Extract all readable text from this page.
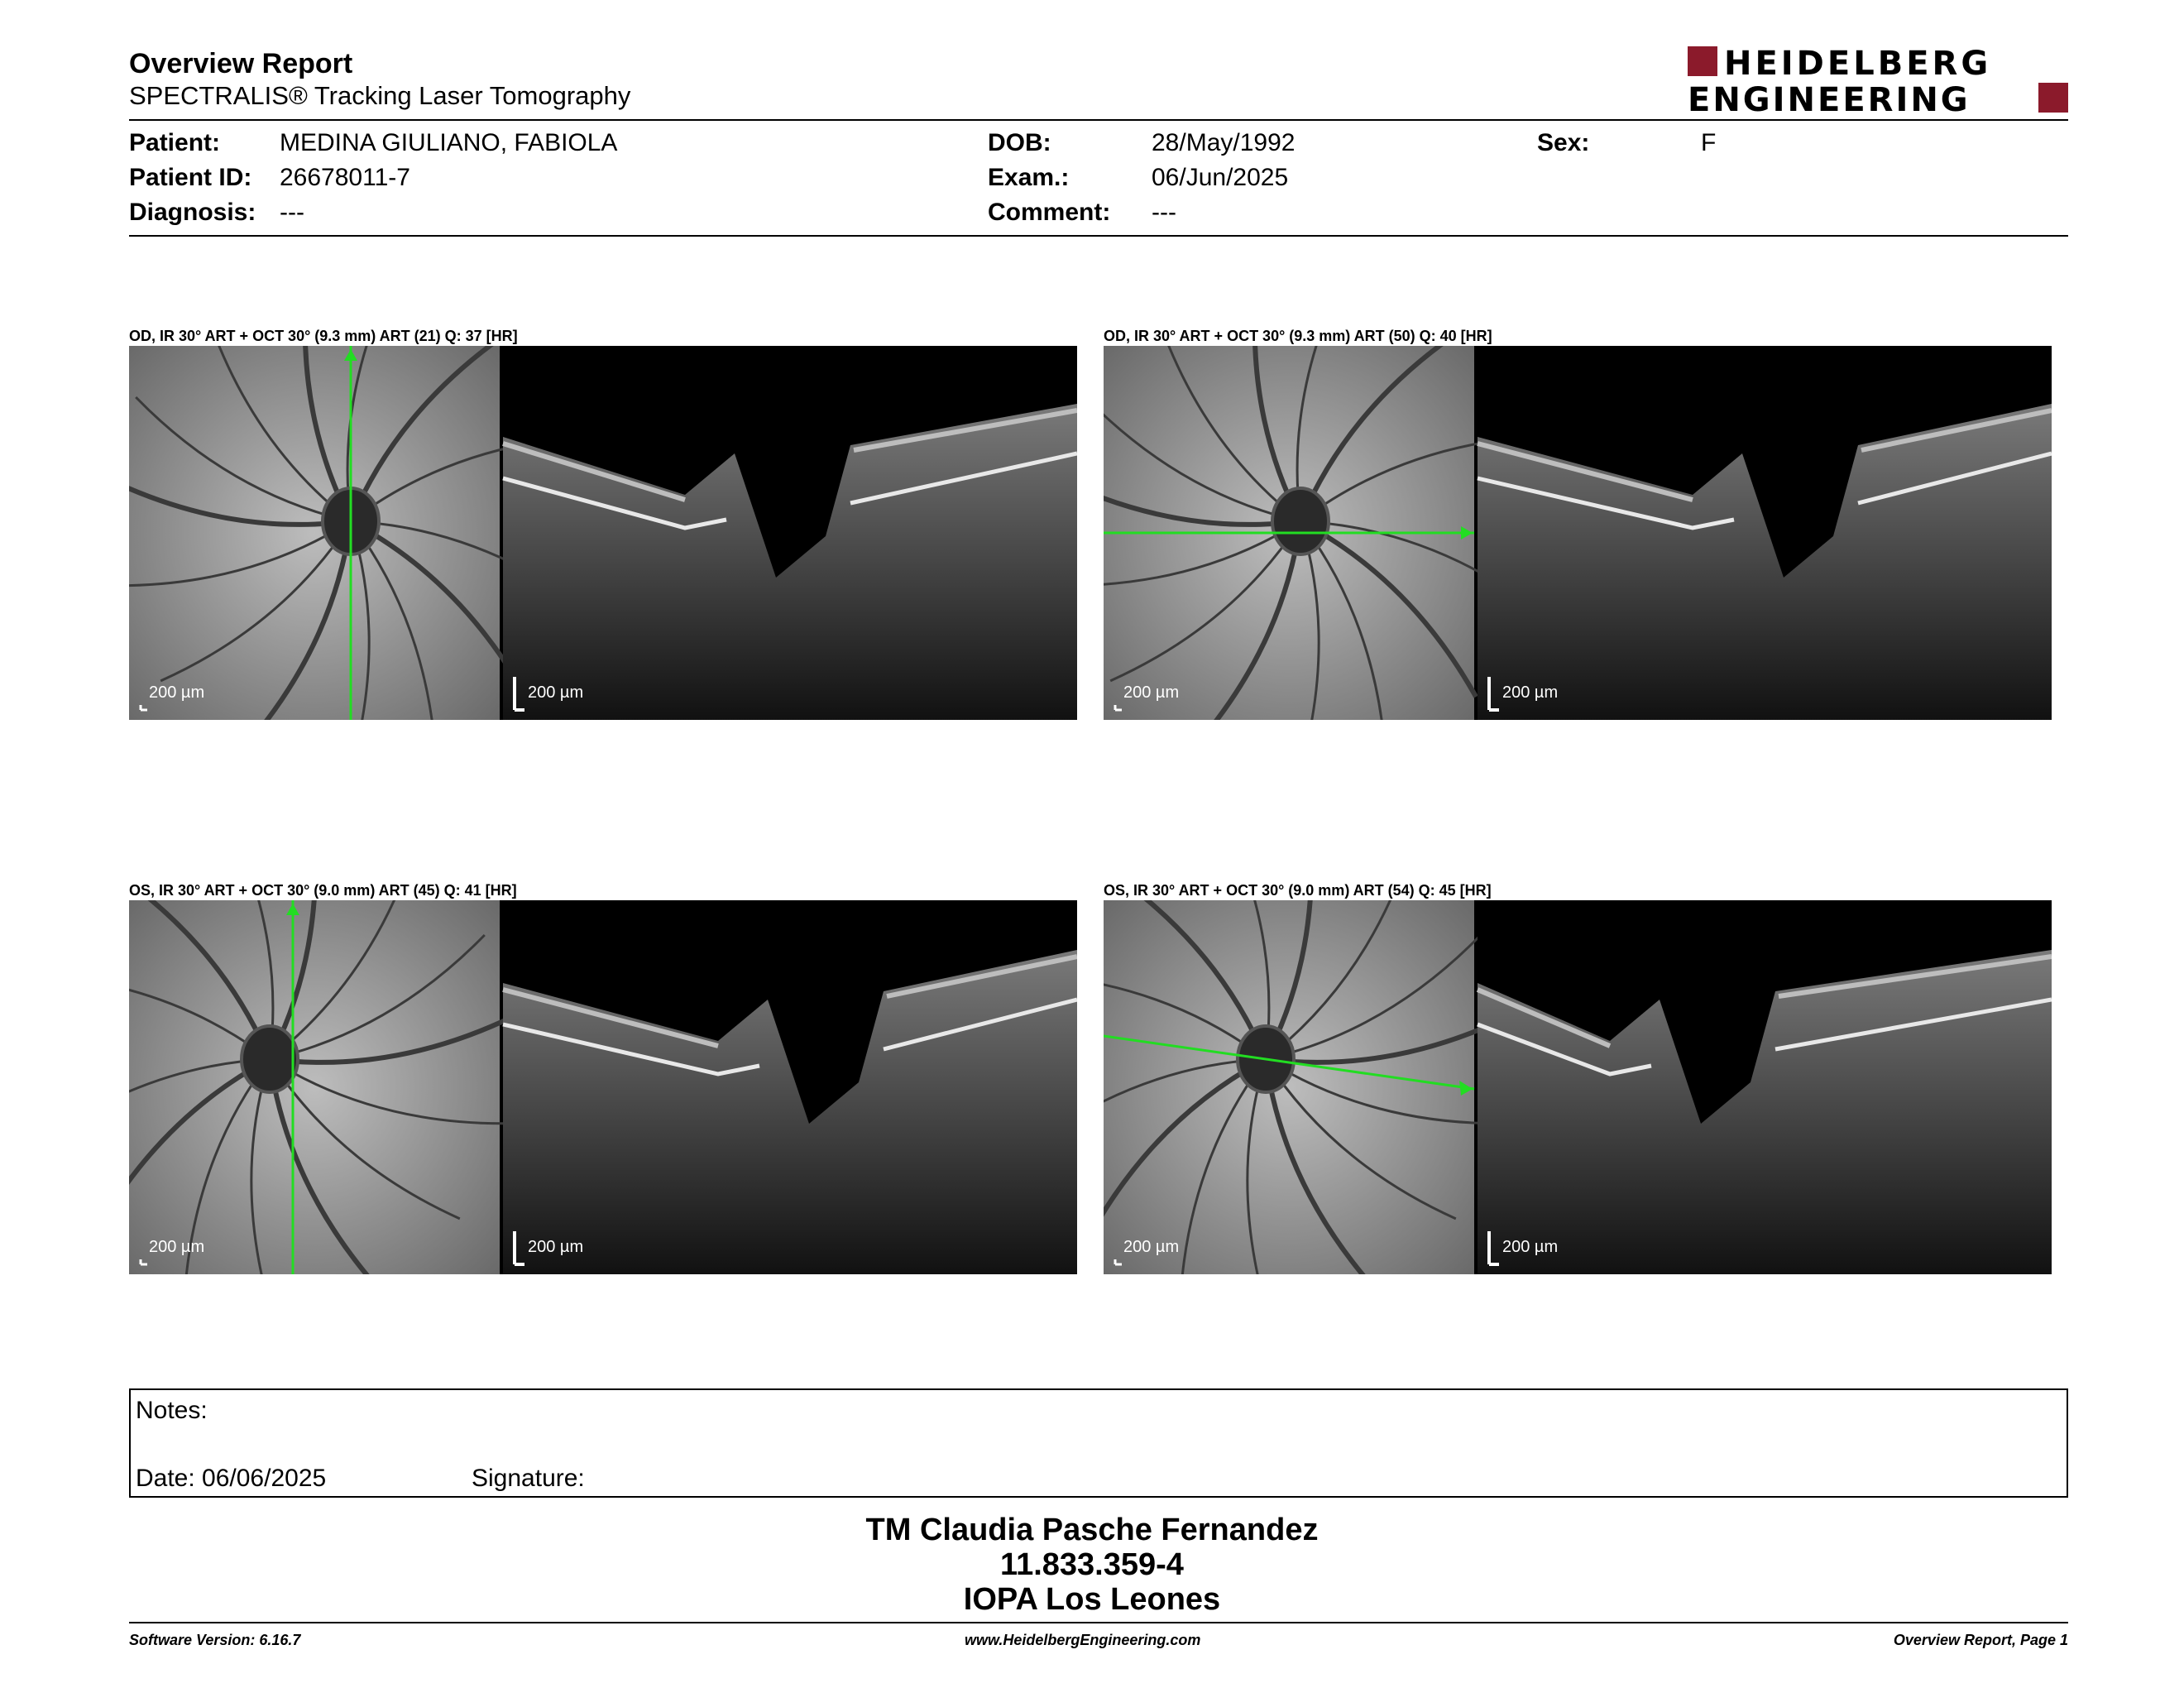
Overview Report
SPECTRALIS® Tracking Laser Tomography
HEIDELBERG
ENGINEERING
Patient: MEDINA GIULIANO, FABIOLA
Patient ID: 26678011-7
Diagnosis: ---
DOB:	28/May/1992
Exam.:	06/Jun/2025
Comment: ---
Sex:	F
OD, IR 30° ART + OCT 30° (9.3 mm) ART (21) Q: 37 [HR]	OD, IR 30° ART + OCT 30° (9.3 mm) ART (50) Q: 40 [HR]
OS, IR 30° ART + OCT 30° (9.0 mm) ART (45) Q: 41 [HR]	OS, IR 30° ART + OCT 30° (9.0 mm) ART (54) Q: 45 [HR]
200 µm	200 µm	200 µm	200 µm
200 µm	200 µm	200 µm	200 µm
Notes:
Date: 06/06/2025	Signature:
TM Claudia Pasche Fernandez
11.833.359-4
IOPA Los Leones
Software Version: 6.16.7	www.HeidelbergEngineering.com	Overview Report, Page 1
